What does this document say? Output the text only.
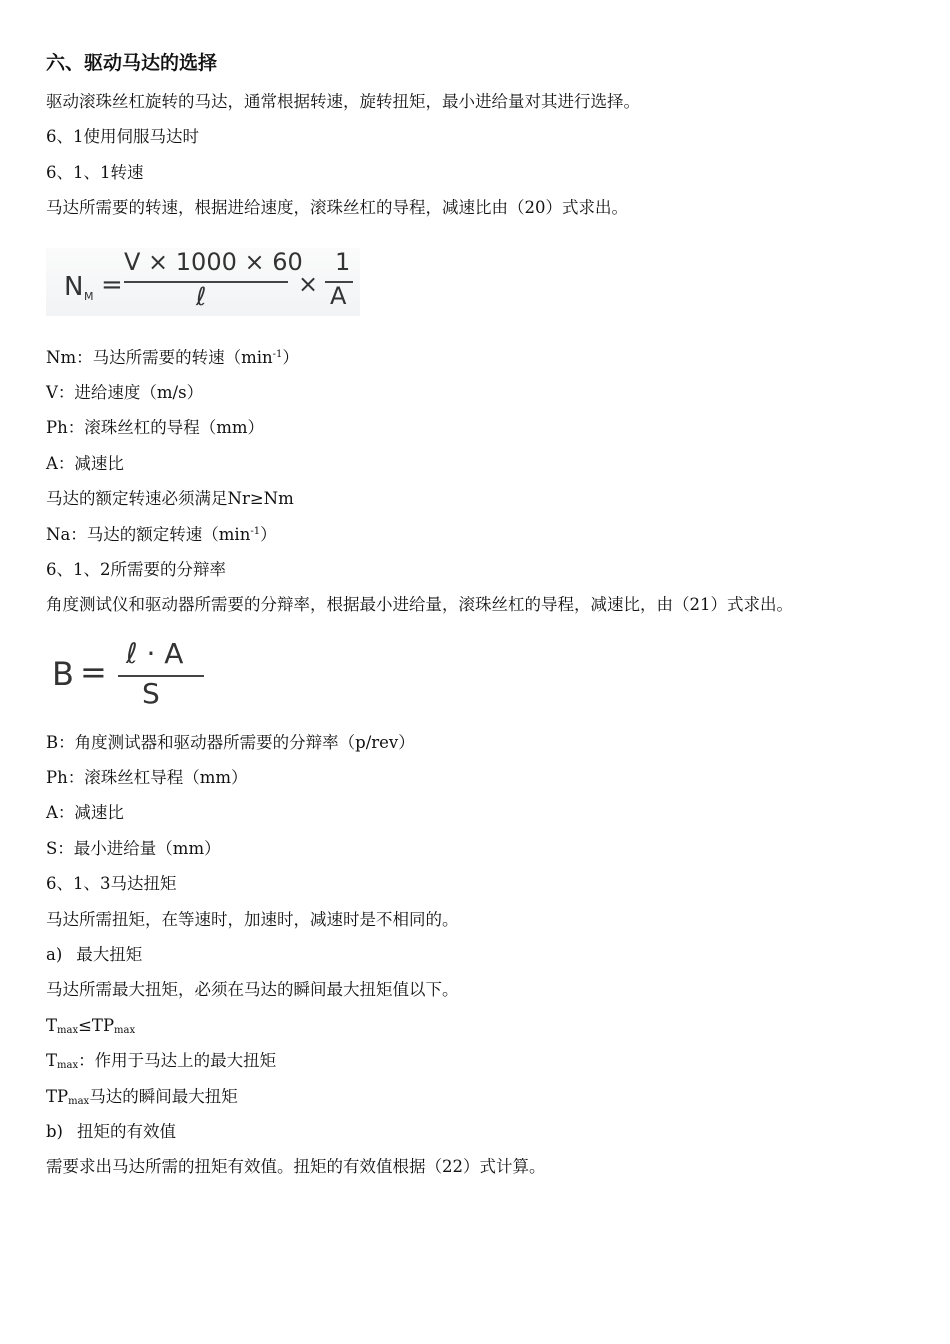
六、驱动马达的选择
驱动滚珠丝杠旋转的马达，通常根据转速，旋转扭矩，最小进给量对其进行选择。
6、1使用伺服马达时
6、1、1转速
马达所需要的转速，根据进给速度，滚珠丝杠的导程，减速比由（20）式求出。
N M =
V × 1000 × 60
ℓ	×
1
A
Nm：马达所需要的转速$(\min^{-1})$
V：进给速度（m/s）
Ph：滚珠丝杠的导程（mm）
A：减速比
马达的额定转速必须满足Nr≥Nm
Na：马达的额定转速$(\min^{-1})$
6、1、2所需要的分辩率
角度测试仪和驱动器所需要的分辩率，根据最小进给量，滚珠丝杠的导程，减速比，由（21）式求出。
B = ℓ · A
S
B：角度测试器和驱动器所需要的分辩率（p/rev）
Ph：滚珠丝杠导程（mm）
A：减速比
S：最小进给量（mm）
6、1、3马达扭矩
马达所需扭矩，在等速时，加速时，减速时是不相同的。
a) 最大扭矩
马达所需最大扭矩，必须在马达的瞬间最大扭矩值以下。
$T_{max}\le TP_{max}$
$T_{max}$：作用于马达上的最大扭矩
$TP_{max}$马达的瞬间最大扭矩
b) 扭矩的有效值
需要求出马达所需的扭矩有效值。扭矩的有效值根据（22）式计算。
